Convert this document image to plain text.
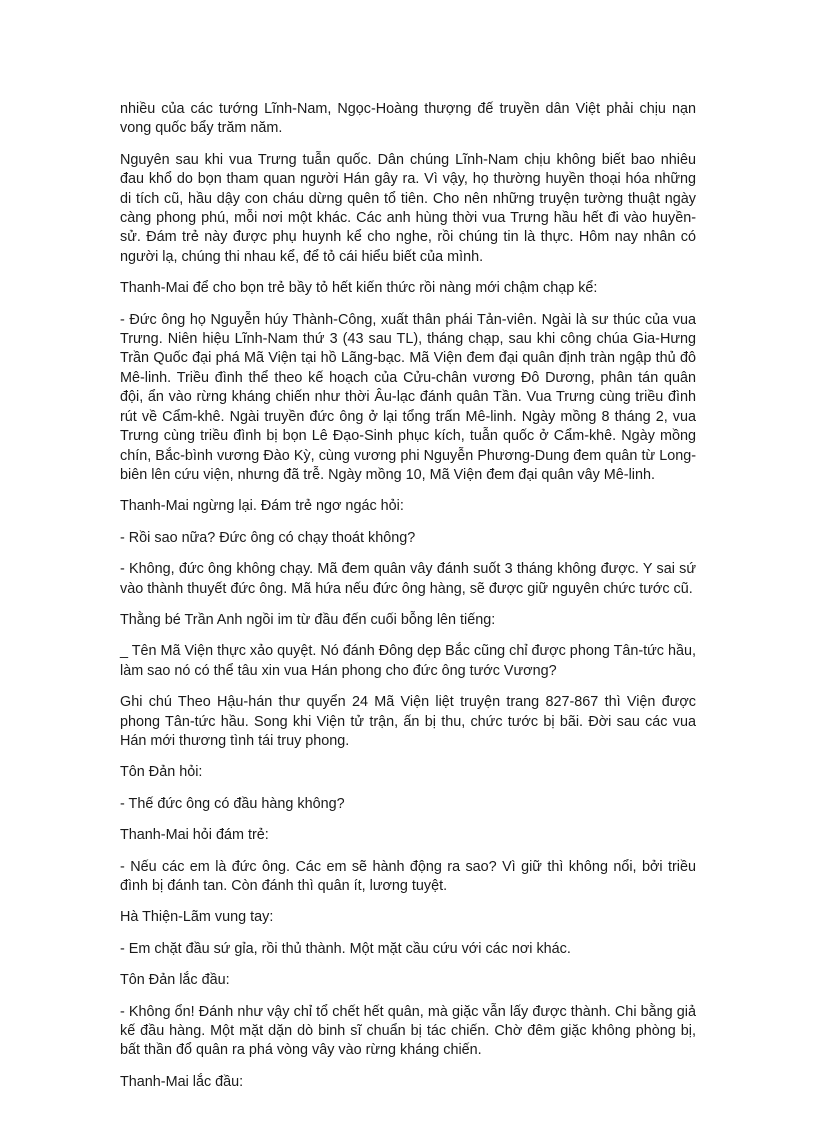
nhiều của các tướng Lĩnh-Nam, Ngọc-Hoàng thượng đế truyền dân Việt phải chịu nạn vong quốc bẩy trăm năm.

Nguyên sau khi vua Trưng tuẫn quốc. Dân chúng Lĩnh-Nam chịu không biết bao nhiêu đau khổ do bọn tham quan người Hán gây ra. Vì vậy, họ thường huyền thoại hóa những di tích cũ, hầu dậy con cháu dừng quên tổ tiên. Cho nên những truyện tường thuật ngày càng phong phú, mỗi nơi một khác. Các anh hùng thời vua Trưng hầu hết đi vào huyền-sử. Đám trẻ này được phụ huynh kể cho nghe, rồi chúng tin là thực. Hôm nay nhân có người lạ, chúng thi nhau kể, để tỏ cái hiểu biết của mình.

Thanh-Mai để cho bọn trẻ bầy tỏ hết kiến thức rồi nàng mới chậm chạp kể:

- Đức ông họ Nguyễn húy Thành-Công, xuất thân phái Tản-viên. Ngài là sư thúc của vua Trưng. Niên hiệu Lĩnh-Nam thứ 3 (43 sau TL), tháng chạp, sau khi công chúa Gia-Hưng Trần Quốc đại phá Mã Viện tại hồ Lãng-bạc. Mã Viện đem đại quân định tràn ngập thủ đô Mê-linh. Triều đình thể theo kế hoạch của Cửu-chân vương Đô Dương, phân tán quân đội, ẩn vào rừng kháng chiến như thời Âu-lạc đánh quân Tần. Vua Trưng cùng triều đình rút về Cẩm-khê. Ngài truyền đức ông ở lại tổng trấn Mê-linh. Ngày mồng 8 tháng 2, vua Trưng cùng triều đình bị bọn Lê Đạo-Sinh phục kích, tuẫn quốc ở Cẩm-khê. Ngày mồng chín, Bắc-bình vương Đào Kỳ, cùng vương phi Nguyễn Phương-Dung đem quân từ Long-biên lên cứu viện, nhưng đã trễ. Ngày mồng 10, Mã Viện đem đại quân vây Mê-linh.

Thanh-Mai ngừng lại. Đám trẻ ngơ ngác hỏi:

- Rồi sao nữa? Đức ông có chạy thoát không?

- Không, đức ông không chạy. Mã đem quân vây đánh suốt 3 tháng không được. Y sai sứ vào thành thuyết đức ông. Mã hứa nếu đức ông hàng, sẽ được giữ nguyên chức tước cũ.

Thằng bé Trần Anh ngồi im từ đầu đến cuối bỗng lên tiếng:

_ Tên Mã Viện thực xảo quyệt. Nó đánh Đông dẹp Bắc cũng chỉ được phong Tân-tức hầu, làm sao nó có thể tâu xin vua Hán phong cho đức ông tước Vương?

Ghi chú Theo Hậu-hán thư quyển 24 Mã Viện liệt truyện trang 827-867 thì Viện được phong Tân-tức hầu. Song khi Viện tử trận, ấn bị thu, chức tước bị bãi. Đời sau các vua Hán mới thương tình tái truy phong.

Tôn Đản hỏi:

- Thế đức ông có đầu hàng không?

Thanh-Mai hỏi đám trẻ:

- Nếu các em là đức ông. Các em sẽ hành động ra sao? Vì giữ thì không nổi, bởi triều đình bị đánh tan. Còn đánh thì quân ít, lương tuyệt.

Hà Thiện-Lãm vung tay:

- Em chặt đầu sứ gỉa, rồi thủ thành. Một mặt cầu cứu với các nơi khác.

Tôn Đản lắc đầu:

- Không ổn! Đánh như vậy chỉ tổ chết hết quân, mà giặc vẫn lấy được thành. Chi bằng giả kế đầu hàng. Một mặt dặn dò binh sĩ chuẩn bị tác chiến. Chờ đêm giặc không phòng bị, bất thần đổ quân ra phá vòng vây vào rừng kháng chiến.

Thanh-Mai lắc đầu:
